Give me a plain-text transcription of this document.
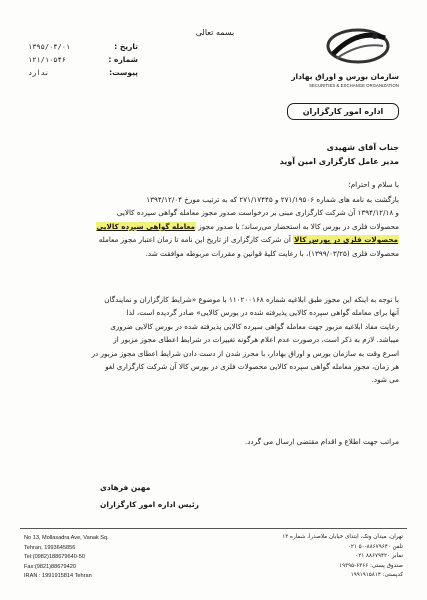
بسمه تعالی
تاریخ :
۱۳۹۵/۰۴/۰۱
شماره :
۱۲۱/۱۰۵۴۶
پیوست:
ندارد	سازمان بورس و اوراق بهادار
SECURITIES & EXCHANGE ORGANIZATION
اداره امور کارگزاران
جناب آقای شهیدی
مدیر عامل کارگزاری امین آوید
با سلام و احترام؛
بازگشت به نامه های شماره ۲۷۱/۱۹۵۰۶ و ۲۷۱/۱۷۴۴۵ که به ترتیب مورخ ۱۳۹۴/۱۲/۰۴
و ۱۳۹۴/۱۲/۱۸ آن شرکت کارگزاری مبنی بر درخواست صدور مجوز معامله گواهی سپرده کالایی
محصولات فلزی در بورس کالا به استحضار می‌رساند؛ با صدور مجوز معامله گواهی سپرده کالایی
محصولات فلزی در بورس کالا آن شرکت کارگزاری از تاریخ این نامه تا زمان اعتبار مجوز معامله
محصولات فلزی (۱۳۹۹/۰۳/۲۵)، با رعایت کلیهٔ قوانین و مقررات مربوطه موافقت شد.
با توجه به اینکه این مجوز طبق ابلاغیه شماره ۱۱۰۲۰۰۱۶۸ با موضوع «شرایط کارگزاران و نمایندگان
آنها برای معامله گواهی سپرده کالایی پذیرفته شده در بورس کالایی» صادر گردیده است، لذا
رعایت مفاد ابلاغیه مزبور جهت معامله گواهی سپرده کالایی پذیرفته شده در بورس کالایی ضروری
میباشد. لازم به ذکر است، درصورت عدم اعلام هرگونه تغییرات در شرایط اعطای مجوز مزبور از
اسرع وقت به سازمان بورس و اوراق بهادار، با محرز شدن از دست دادن شرایط اعطای مجوز مزبور در
هر زمان، مجوز معامله گواهی سپرده کالایی محصولات فلزی در بورس کالا آن شرکت کارگزاری لغو
می شود.
مراتب جهت اطلاع و اقدام مقتضی ارسال می گردد.
مهین فرهادی
رئیس اداره امور کارگزاران
No 13, Mollasadra Ave, Vanak Sq.
Tehran, 1993645856
Tel:(0982)188679640-50
Fax:(9821)88679420
IRAN : 1991915814 Tehran
تهران، میدان ونک، ابتدای خیابان ملاصدرا، شماره ۱۳
تلفن ۸۸۶۷۹۶۴۰-۵۰ ۰۲۱
نمابر ۸۸۶۷۹۴۲۰ ۰۲۱
صندوق پستی: ۶۳۶۶-۱۹۳۹۵
کدپستی: ۱۹۹۱۹۱۵۸۱۴
